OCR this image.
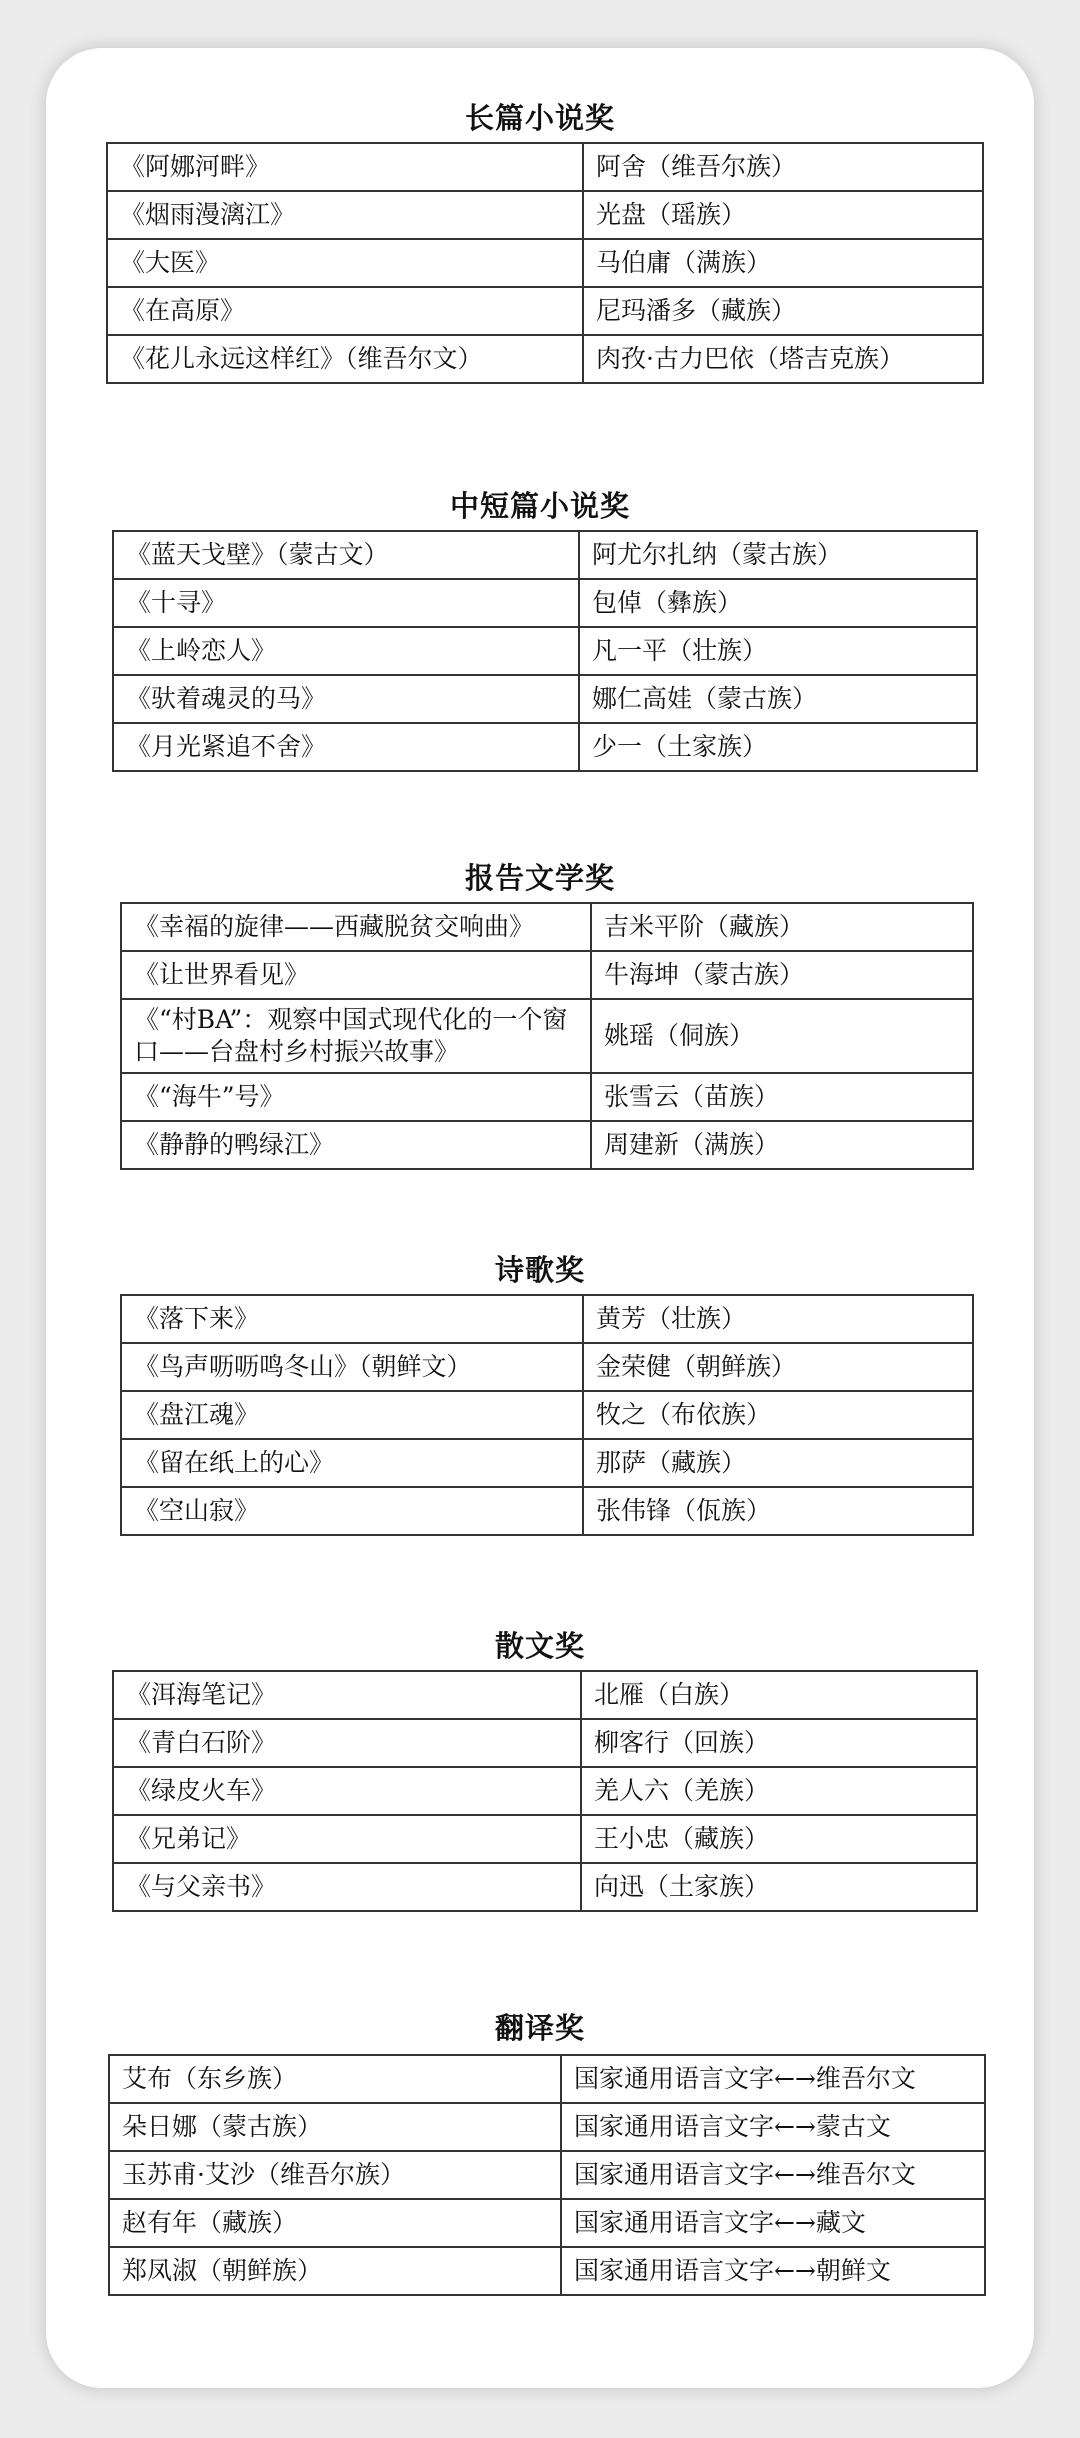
长篇小说奖
《阿娜河畔》	阿舍（维吾尔族）
《烟雨漫漓江》	光盘（瑶族）
《大医》	马伯庸（满族）
《在高原》	尼玛潘多（藏族）
《花儿永远这样红》（维吾尔文）	肉孜·古力巴依（塔吉克族）
中短篇小说奖
《蓝天戈壁》（蒙古文）	阿尤尔扎纳（蒙古族）
《十寻》	包倬（彝族）
《上岭恋人》	凡一平（壮族）
《驮着魂灵的马》	娜仁高娃（蒙古族）
《月光紧追不舍》	少一（土家族）
报告文学奖
《幸福的旋律——西藏脱贫交响曲》	吉米平阶（藏族）
《让世界看见》	牛海坤（蒙古族）
《“村BA”：观察中国式现代化的一个窗口——台盘村乡村振兴故事》	姚瑶（侗族）
《“海牛”号》	张雪云（苗族）
《静静的鸭绿江》	周建新（满族）
诗歌奖
《落下来》	黄芳（壮族）
《鸟声呖呖鸣冬山》（朝鲜文）	金荣健（朝鲜族）
《盘江魂》	牧之（布依族）
《留在纸上的心》	那萨（藏族）
《空山寂》	张伟锋（佤族）
散文奖
《洱海笔记》	北雁（白族）
《青白石阶》	柳客行（回族）
《绿皮火车》	羌人六（羌族）
《兄弟记》	王小忠（藏族）
《与父亲书》	向迅（土家族）
翻译奖
艾布（东乡族）	国家通用语言文字←→维吾尔文
朵日娜（蒙古族）	国家通用语言文字←→蒙古文
玉苏甫·艾沙（维吾尔族）	国家通用语言文字←→维吾尔文
赵有年（藏族）	国家通用语言文字←→藏文
郑凤淑（朝鲜族）	国家通用语言文字←→朝鲜文
